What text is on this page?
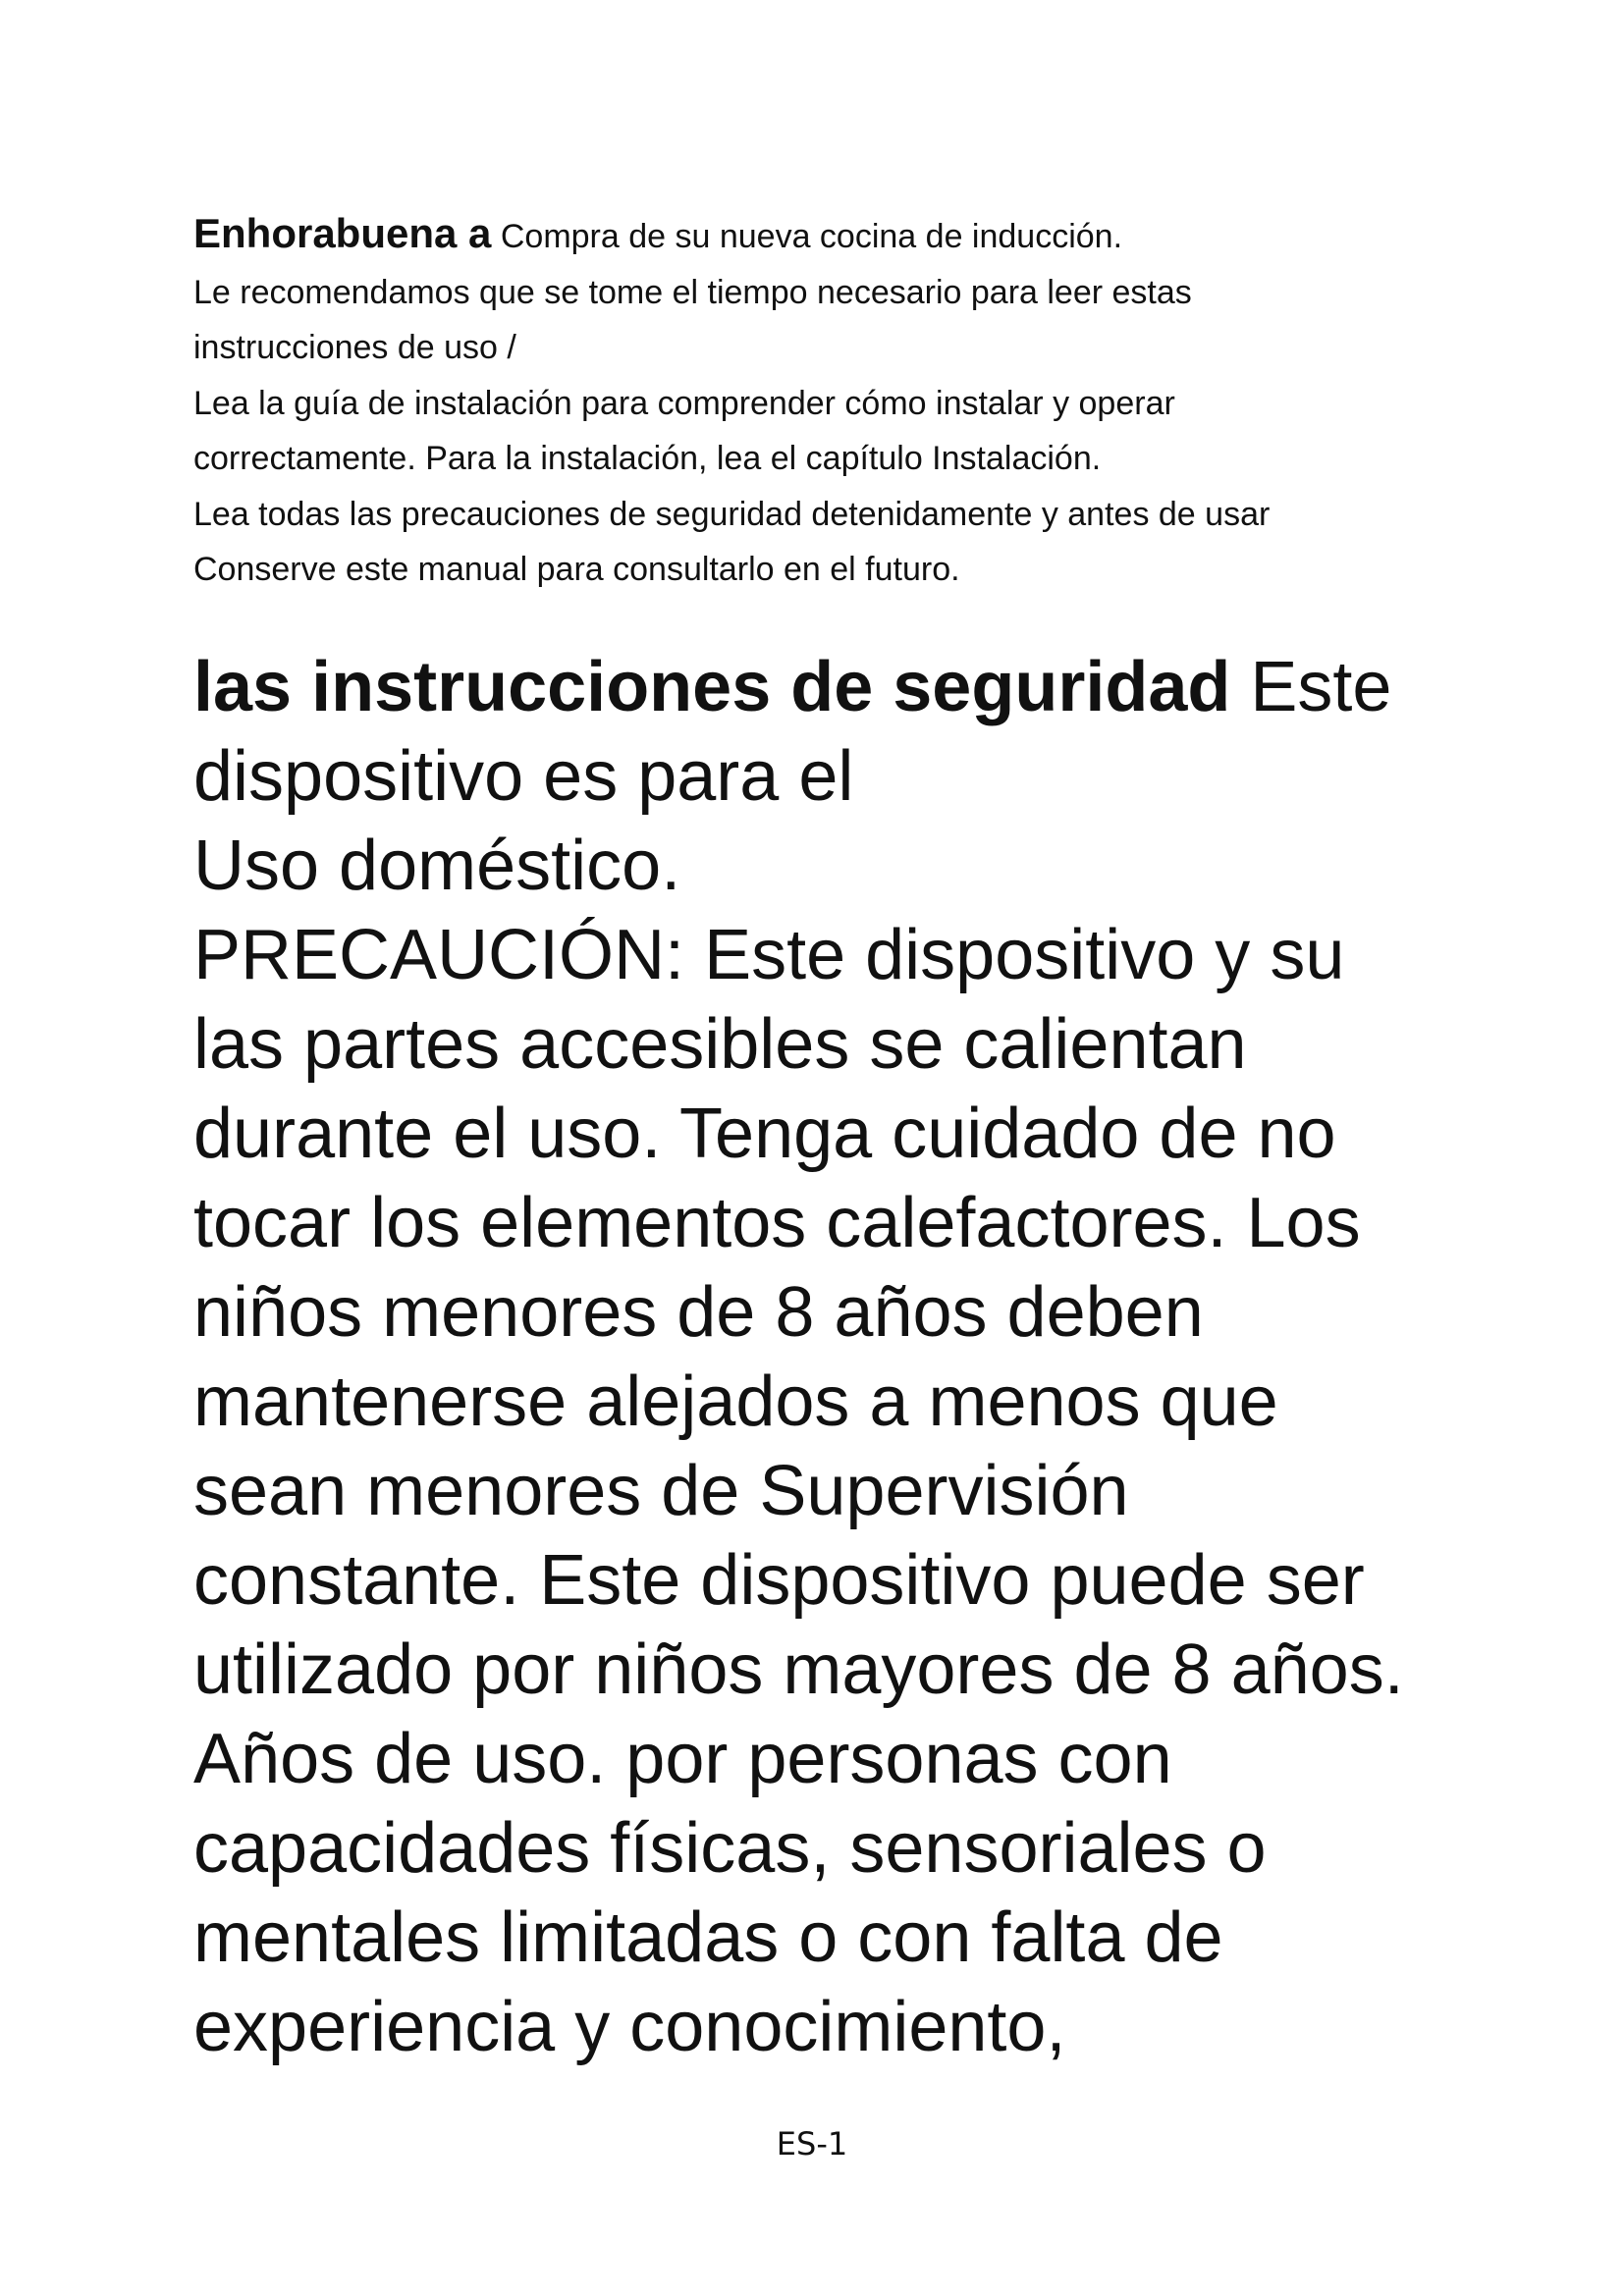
Enhorabuena a Compra de su nueva cocina de inducción.
Le recomendamos que se tome el tiempo necesario para leer estas
instrucciones de uso /
Lea la guía de instalación para comprender cómo instalar y operar
correctamente. Para la instalación, lea el capítulo Instalación.
Lea todas las precauciones de seguridad detenidamente y antes de usar
Conserve este manual para consultarlo en el futuro.
las instrucciones de seguridad Este
dispositivo es para el
Uso doméstico.
PRECAUCIÓN: Este dispositivo y su
las partes accesibles se calientan
durante el uso. Tenga cuidado de no
tocar los elementos calefactores. Los
niños menores de 8 años deben
mantenerse alejados a menos que
sean menores de Supervisión
constante. Este dispositivo puede ser
utilizado por niños mayores de 8 años.
Años de uso. por personas con
capacidades físicas, sensoriales o
mentales limitadas o con falta de
experiencia y conocimiento,
ES-1
